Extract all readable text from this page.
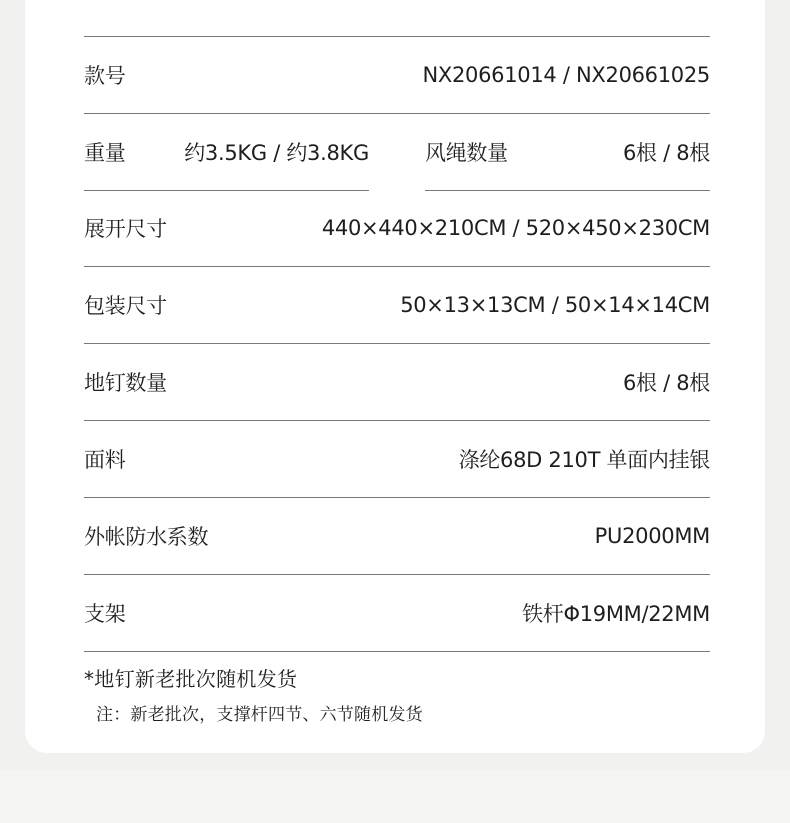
款号	NX20661014 / NX20661025
重量	约3.5KG / 约3.8KG	风绳数量	6根 / 8根
展开尺寸	440×440×210CM / 520×450×230CM
包装尺寸	50×13×13CM / 50×14×14CM
地钉数量	6根 / 8根
面料	涤纶68D 210T 单面内挂银
外帐防水系数	PU2000MM
支架	铁杆Φ19MM/22MM
*地钉新老批次随机发货
注：新老批次，支撑杆四节、六节随机发货
